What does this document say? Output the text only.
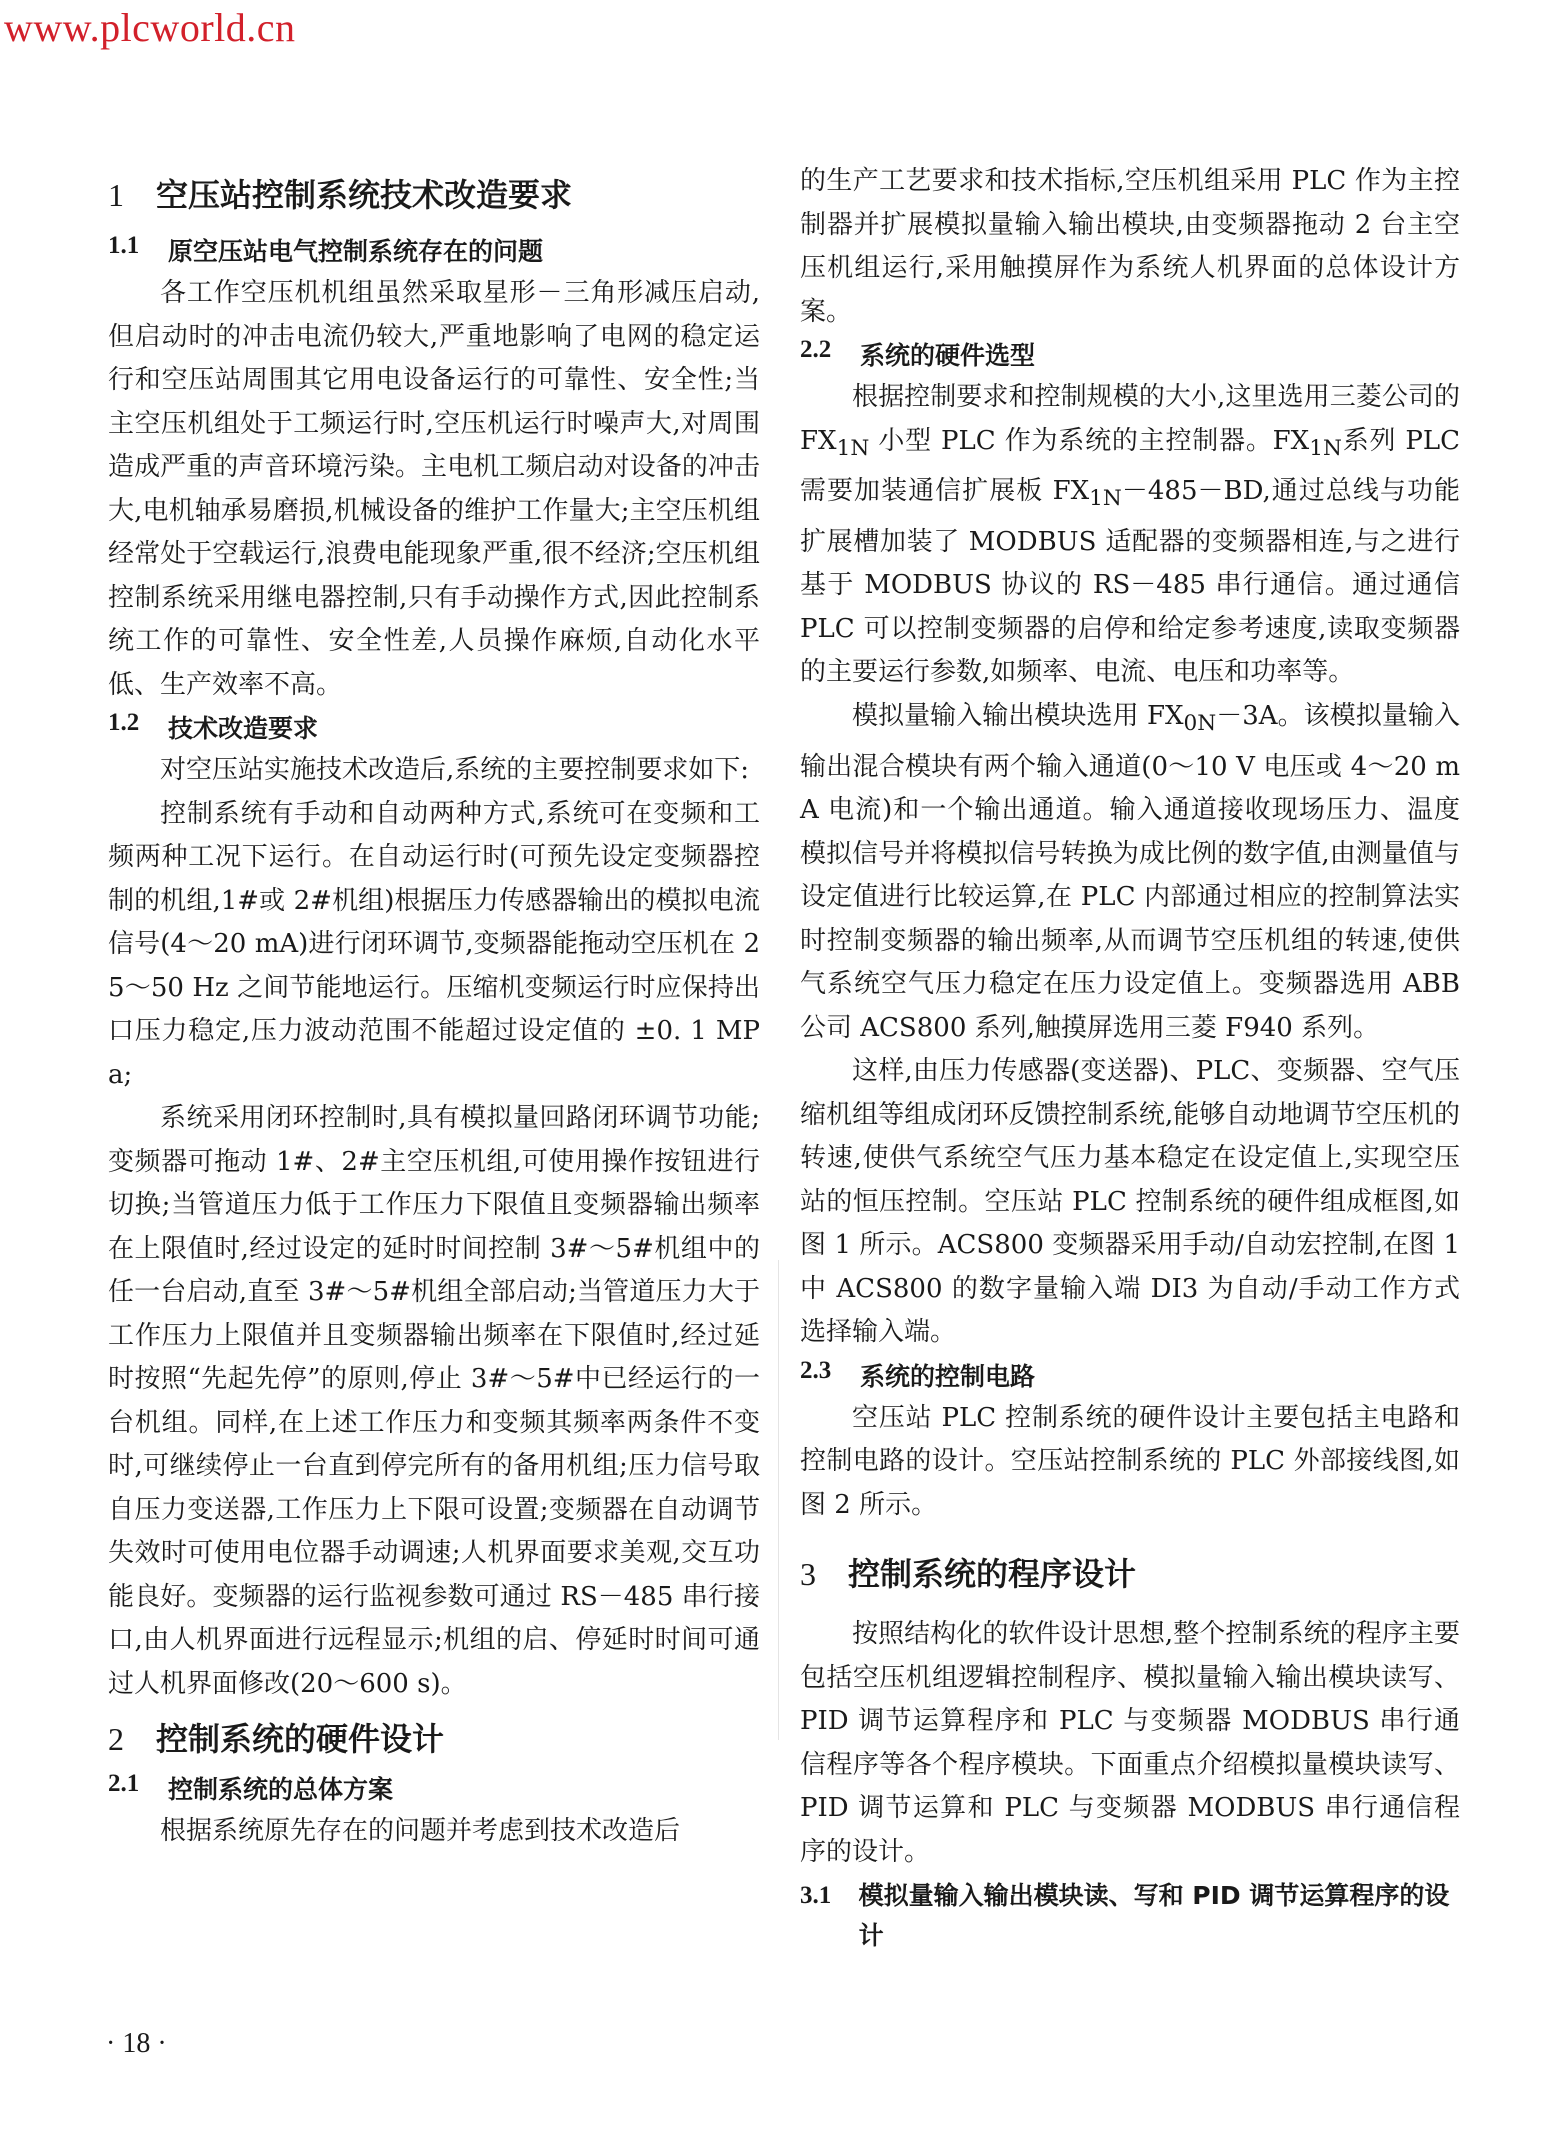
www.plcworld.cn
1	空压站控制系统技术改造要求
1.1	原空压站电气控制系统存在的问题

各工作空压机机组虽然采取星形－三角形减压启动,但启动时的冲击电流仍较大,严重地影响了电网的稳定运行和空压站周围其它用电设备运行的可靠性、安全性;当主空压机组处于工频运行时,空压机运行时噪声大,对周围造成严重的声音环境污染。主电机工频启动对设备的冲击大,电机轴承易磨损,机械设备的维护工作量大;主空压机组经常处于空载运行,浪费电能现象严重,很不经济;空压机组控制系统采用继电器控制,只有手动操作方式,因此控制系统工作的可靠性、安全性差,人员操作麻烦,自动化水平低、生产效率不高。

1.2	技术改造要求

对空压站实施技术改造后,系统的主要控制要求如下:

控制系统有手动和自动两种方式,系统可在变频和工频两种工况下运行。在自动运行时(可预先设定变频器控制的机组,1#或 2#机组)根据压力传感器输出的模拟电流信号(4～20 mA)进行闭环调节,变频器能拖动空压机在 25～50 Hz 之间节能地运行。压缩机变频运行时应保持出口压力稳定,压力波动范围不能超过设定值的 ±0. 1 MPa;

系统采用闭环控制时,具有模拟量回路闭环调节功能;变频器可拖动 1#、2#主空压机组,可使用操作按钮进行切换;当管道压力低于工作压力下限值且变频器输出频率在上限值时,经过设定的延时时间控制 3#～5#机组中的任一台启动,直至 3#～5#机组全部启动;当管道压力大于工作压力上限值并且变频器输出频率在下限值时,经过延时按照“先起先停”的原则,停止 3#～5#中已经运行的一台机组。同样,在上述工作压力和变频其频率两条件不变时,可继续停止一台直到停完所有的备用机组;压力信号取自压力变送器,工作压力上下限可设置;变频器在自动调节失效时可使用电位器手动调速;人机界面要求美观,交互功能良好。变频器的运行监视参数可通过 RS－485 串行接口,由人机界面进行远程显示;机组的启、停延时时间可通过人机界面修改(20～600 s)。

2	控制系统的硬件设计
2.1	控制系统的总体方案

根据系统原先存在的问题并考虑到技术改造后

的生产工艺要求和技术指标,空压机组采用 PLC 作为主控制器并扩展模拟量输入输出模块,由变频器拖动 2 台主空压机组运行,采用触摸屏作为系统人机界面的总体设计方案。

2.2	系统的硬件选型

根据控制要求和控制规模的大小,这里选用三菱公司的 $FX_{1N}$ 小型 PLC 作为系统的主控制器。$FX_{1N}$系列 PLC 需要加装通信扩展板 $FX_{1N}-485-BD$,通过总线与功能扩展槽加装了 MODBUS 适配器的变频器相连,与之进行基于 MODBUS 协议的 RS－485 串行通信。通过通信 PLC 可以控制变频器的启停和给定参考速度,读取变频器的主要运行参数,如频率、电流、电压和功率等。

模拟量输入输出模块选用 $FX_{0N}-3A$。该模拟量输入输出混合模块有两个输入通道(0～10 V 电压或 4～20 mA 电流)和一个输出通道。输入通道接收现场压力、温度模拟信号并将模拟信号转换为成比例的数字值,由测量值与设定值进行比较运算,在 PLC 内部通过相应的控制算法实时控制变频器的输出频率,从而调节空压机组的转速,使供气系统空气压力稳定在压力设定值上。变频器选用 ABB 公司 ACS800 系列,触摸屏选用三菱 F940 系列。

这样,由压力传感器(变送器)、PLC、变频器、空气压缩机组等组成闭环反馈控制系统,能够自动地调节空压机的转速,使供气系统空气压力基本稳定在设定值上,实现空压站的恒压控制。空压站 PLC 控制系统的硬件组成框图,如图 1 所示。ACS800 变频器采用手动/自动宏控制,在图 1 中 ACS800 的数字量输入端 DI3 为自动/手动工作方式选择输入端。

2.3	系统的控制电路

空压站 PLC 控制系统的硬件设计主要包括主电路和控制电路的设计。空压站控制系统的 PLC 外部接线图,如图 2 所示。

3	控制系统的程序设计

按照结构化的软件设计思想,整个控制系统的程序主要包括空压机组逻辑控制程序、模拟量输入输出模块读写、PID 调节运算程序和 PLC 与变频器 MODBUS 串行通信程序等各个程序模块。下面重点介绍模拟量模块读写、PID 调节运算和 PLC 与变频器 MODBUS 串行通信程序的设计。

3.1	模拟量输入输出模块读、写和 PID 调节运算程序的设计
· 18 ·
